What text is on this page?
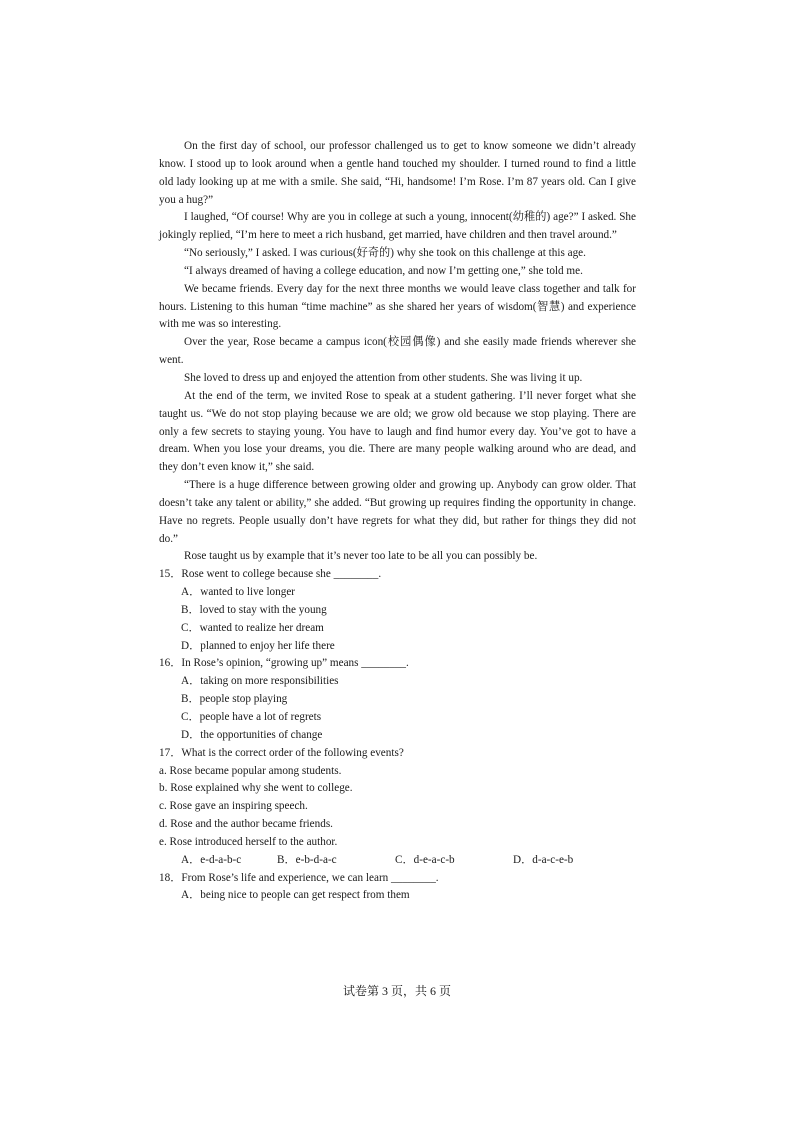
On the first day of school, our professor challenged us to get to know someone we didn’t already know. I stood up to look around when a gentle hand touched my shoulder. I turned round to find a little old lady looking up at me with a smile. She said, “Hi, handsome! I’m Rose. I’m 87 years old. Can I give you a hug?”

I laughed, “Of course! Why are you in college at such a young, innocent(幼稚的) age?” I asked. She jokingly replied, “I’m here to meet a rich husband, get married, have children and then travel around.”

“No seriously,” I asked. I was curious(好奇的) why she took on this challenge at this age.

“I always dreamed of having a college education, and now I’m getting one,” she told me.

We became friends. Every day for the next three months we would leave class together and talk for hours. Listening to this human “time machine” as she shared her years of wisdom(智慧) and experience with me was so interesting.

Over the year, Rose became a campus icon(校园偶像) and she easily made friends wherever she went.

She loved to dress up and enjoyed the attention from other students. She was living it up.

At the end of the term, we invited Rose to speak at a student gathering. I’ll never forget what she taught us. “We do not stop playing because we are old; we grow old because we stop playing. There are only a few secrets to staying young. You have to laugh and find humor every day. You’ve got to have a dream. When you lose your dreams, you die. There are many people walking around who are dead, and they don’t even know it,” she said.

“There is a huge difference between growing older and growing up. Anybody can grow older. That doesn’t take any talent or ability,” she added. “But growing up requires finding the opportunity in change. Have no regrets. People usually don’t have regrets for what they did, but rather for things they did not do.”

Rose taught us by example that it’s never too late to be all you can possibly be.

15．Rose went to college because she ________.

A．wanted to live longer

B．loved to stay with the young

C．wanted to realize her dream

D．planned to enjoy her life there

16．In Rose’s opinion, “growing up” means ________.

A．taking on more responsibilities

B．people stop playing

C．people have a lot of regrets

D．the opportunities of change

17．What is the correct order of the following events?

a. Rose became popular among students.

b. Rose explained why she went to college.

c. Rose gave an inspiring speech.

d. Rose and the author became friends.

e. Rose introduced herself to the author.

A．e-d-a-b-c	B．e-b-d-a-c	C．d-e-a-c-b	D．d-a-c-e-b

18．From Rose’s life and experience, we can learn ________.

A．being nice to people can get respect from them

试卷第 3 页，共 6 页
